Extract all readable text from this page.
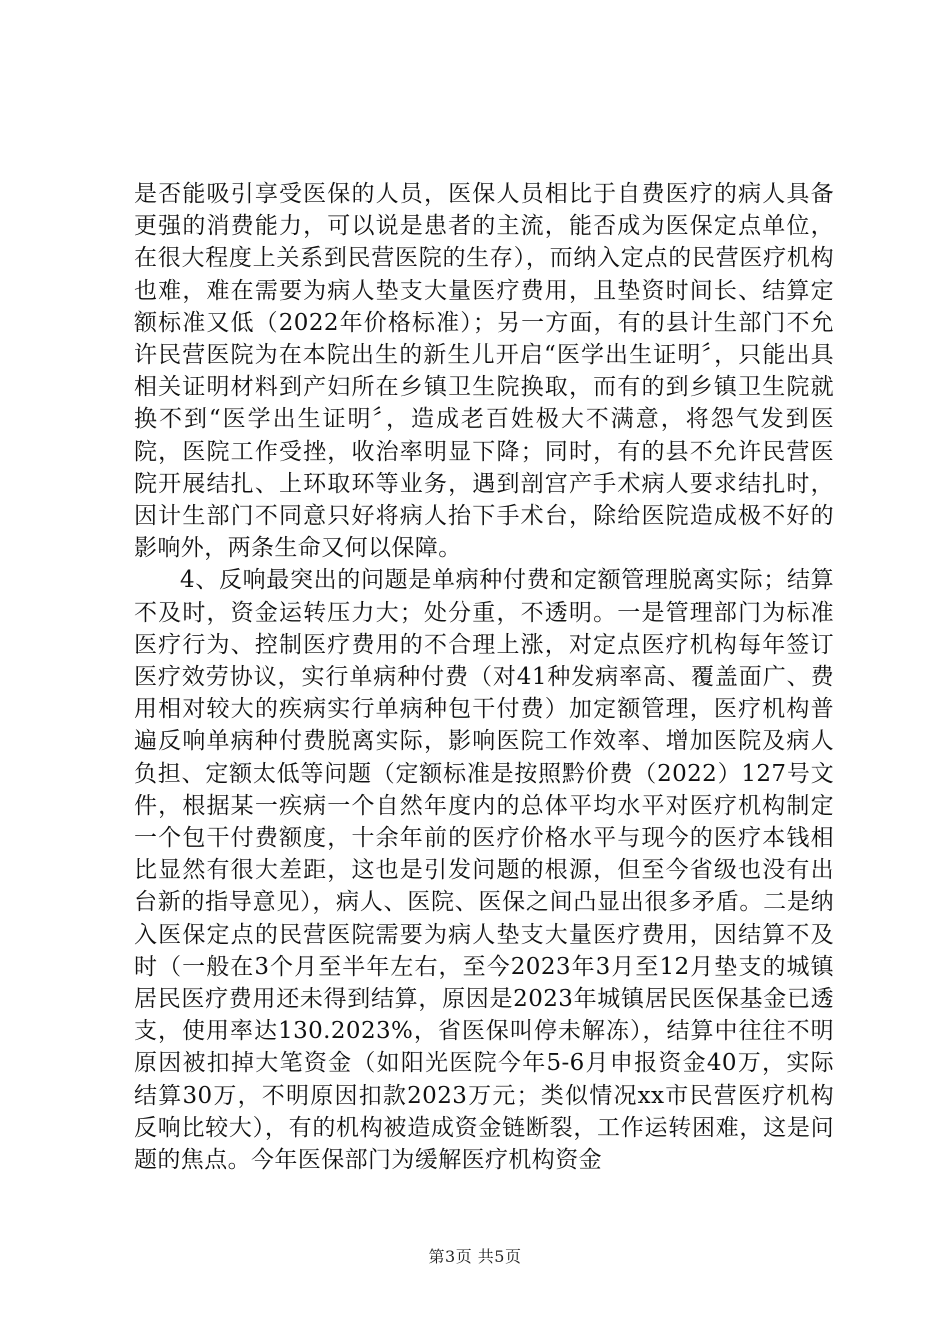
是否能吸引享受医保的人员，医保人员相比于自费医疗的病人具备更强的消费能力，可以说是患者的主流，能否成为医保定点单位，在很大程度上关系到民营医院的生存），而纳入定点的民营医疗机构也难，难在需要为病人垫支大量医疗费用，且垫资时间长、结算定额标准又低（2022年价格标准）；另一方面，有的县计生部门不允许民营医院为在本院出生的新生儿开启“医学出生证明〞，只能出具相关证明材料到产妇所在乡镇卫生院换取，而有的到乡镇卫生院就换不到“医学出生证明〞，造成老百姓极大不满意，将怨气发到医院，医院工作受挫，收治率明显下降；同时，有的县不允许民营医院开展结扎、上环取环等业务，遇到剖宫产手术病人要求结扎时，因计生部门不同意只好将病人抬下手术台，除给医院造成极不好的影响外，两条生命又何以保障。

4、反响最突出的问题是单病种付费和定额管理脱离实际；结算不及时，资金运转压力大；处分重，不透明。一是管理部门为标准医疗行为、控制医疗费用的不合理上涨，对定点医疗机构每年签订医疗效劳协议，实行单病种付费（对41种发病率高、覆盖面广、费用相对较大的疾病实行单病种包干付费）加定额管理，医疗机构普遍反响单病种付费脱离实际，影响医院工作效率、增加医院及病人负担、定额太低等问题（定额标准是按照黔价费（2022）127号文件，根据某一疾病一个自然年度内的总体平均水平对医疗机构制定一个包干付费额度，十余年前的医疗价格水平与现今的医疗本钱相比显然有很大差距，这也是引发问题的根源，但至今省级也没有出台新的指导意见），病人、医院、医保之间凸显出很多矛盾。二是纳入医保定点的民营医院需要为病人垫支大量医疗费用，因结算不及时（一般在3个月至半年左右，至今2023年3月至12月垫支的城镇居民医疗费用还未得到结算，原因是2023年城镇居民医保基金已透支，使用率达130.2023%，省医保叫停未解冻），结算中往往不明原因被扣掉大笔资金（如阳光医院今年5-6月申报资金40万，实际结算30万，不明原因扣款2023万元；类似情况xx市民营医疗机构反响比较大），有的机构被造成资金链断裂，工作运转困难，这是问题的焦点。今年医保部门为缓解医疗机构资金

第3页 共5页
